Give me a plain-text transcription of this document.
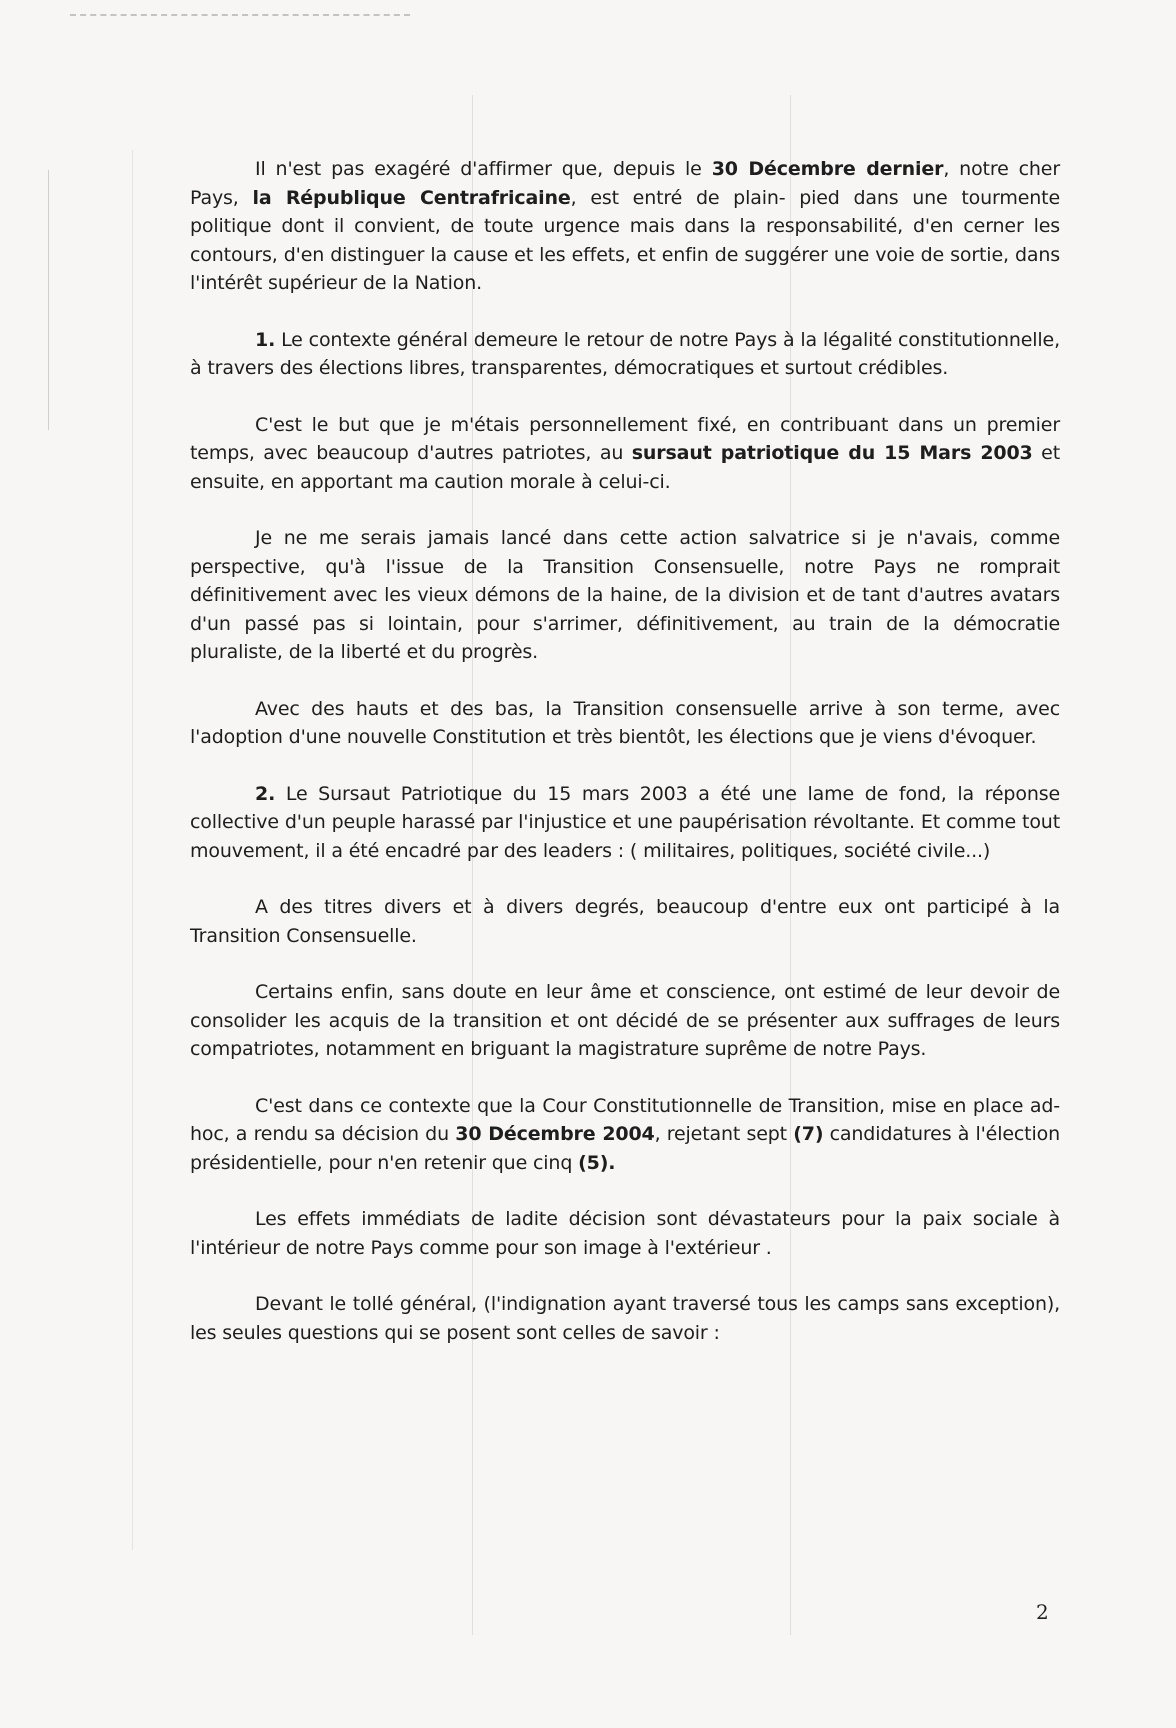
Il n'est pas exagéré d'affirmer que, depuis le 30 Décembre dernier, notre cher Pays, la République Centrafricaine, est entré de plain- pied dans une tourmente politique dont il convient, de toute urgence mais dans la responsabilité, d'en cerner les contours, d'en distinguer la cause et les effets, et enfin de suggérer une voie de sortie, dans l'intérêt supérieur de la Nation.

1. Le contexte général demeure le retour de notre Pays à la légalité constitutionnelle, à travers des élections libres, transparentes, démocratiques et surtout crédibles.

C'est le but que je m'étais personnellement fixé, en contribuant dans un premier temps, avec beaucoup d'autres patriotes, au sursaut patriotique du 15 Mars 2003 et ensuite, en apportant ma caution morale à celui-ci.

Je ne me serais jamais lancé dans cette action salvatrice si je n'avais, comme perspective, qu'à l'issue de la Transition Consensuelle, notre Pays ne romprait définitivement avec les vieux démons de la haine, de la division et de tant d'autres avatars d'un passé pas si lointain, pour s'arrimer, définitivement, au train de la démocratie pluraliste, de la liberté et du progrès.

Avec des hauts et des bas, la Transition consensuelle arrive à son terme, avec l'adoption d'une nouvelle Constitution et très bientôt, les élections que je viens d'évoquer.

2. Le Sursaut Patriotique du 15 mars 2003 a été une lame de fond, la réponse collective d'un peuple harassé par l'injustice et une paupérisation révoltante. Et comme tout mouvement, il a été encadré par des leaders : ( militaires, politiques, société civile...)

A des titres divers et à divers degrés, beaucoup d'entre eux ont participé à la Transition Consensuelle.

Certains enfin, sans doute en leur âme et conscience, ont estimé de leur devoir de consolider les acquis de la transition et ont décidé de se présenter aux suffrages de leurs compatriotes, notamment en briguant la magistrature suprême de notre Pays.

C'est dans ce contexte que la Cour Constitutionnelle de Transition, mise en place ad- hoc, a rendu sa décision du 30 Décembre 2004, rejetant sept (7) candidatures à l'élection présidentielle, pour n'en retenir que cinq (5).

Les effets immédiats de ladite décision sont dévastateurs pour la paix sociale à l'intérieur de notre Pays comme pour son image à l'extérieur .

Devant le tollé général, (l'indignation ayant traversé tous les camps sans exception), les seules questions qui se posent sont celles de savoir :

2
